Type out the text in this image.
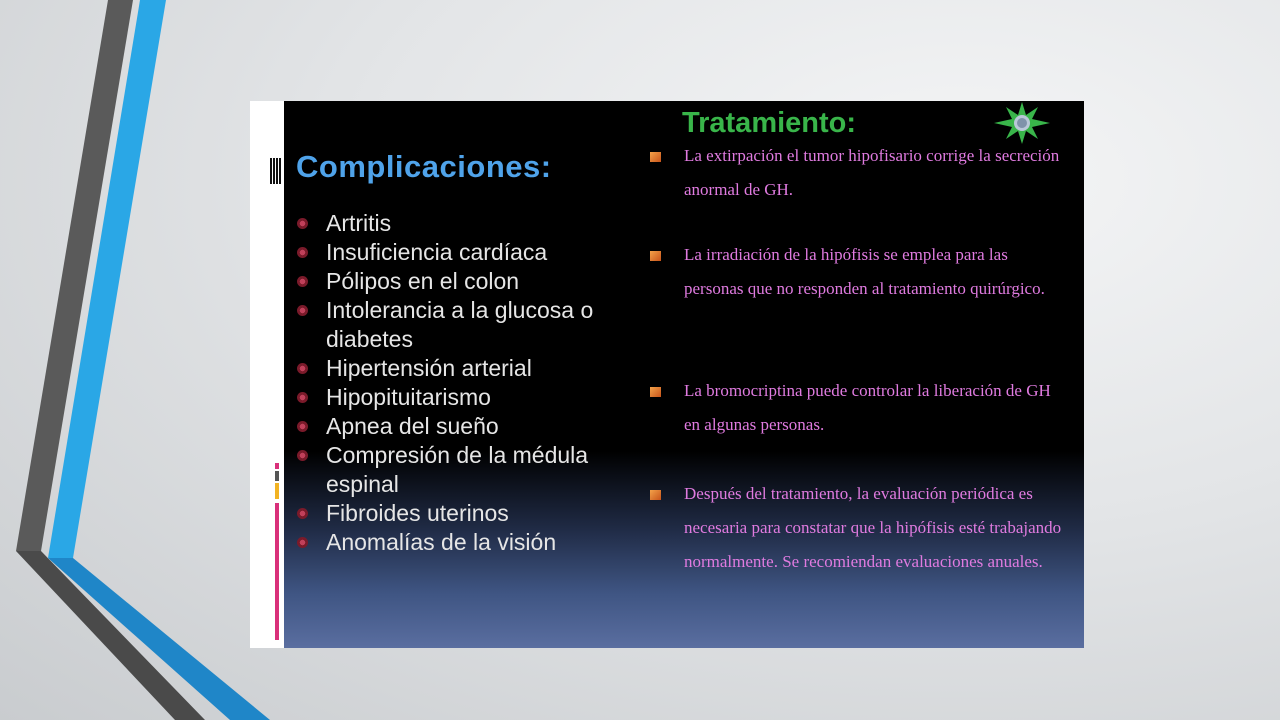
Complicaciones:
Artritis
Insuficiencia cardíaca
Pólipos en el colon
Intolerancia a la glucosa o diabetes
Hipertensión arterial
Hipopituitarismo
Apnea del sueño
Compresión de la médula espinal
Fibroides uterinos
Anomalías de la visión
Tratamiento:
La extirpación el tumor hipofisario corrige la secreción anormal de GH.
La irradiación de la hipófisis se emplea para las personas que no responden al tratamiento quirúrgico.
La bromocriptina puede controlar la liberación de GH en algunas personas.
Después del tratamiento, la evaluación periódica es necesaria para constatar que la hipófisis esté trabajando normalmente. Se recomiendan evaluaciones anuales.
